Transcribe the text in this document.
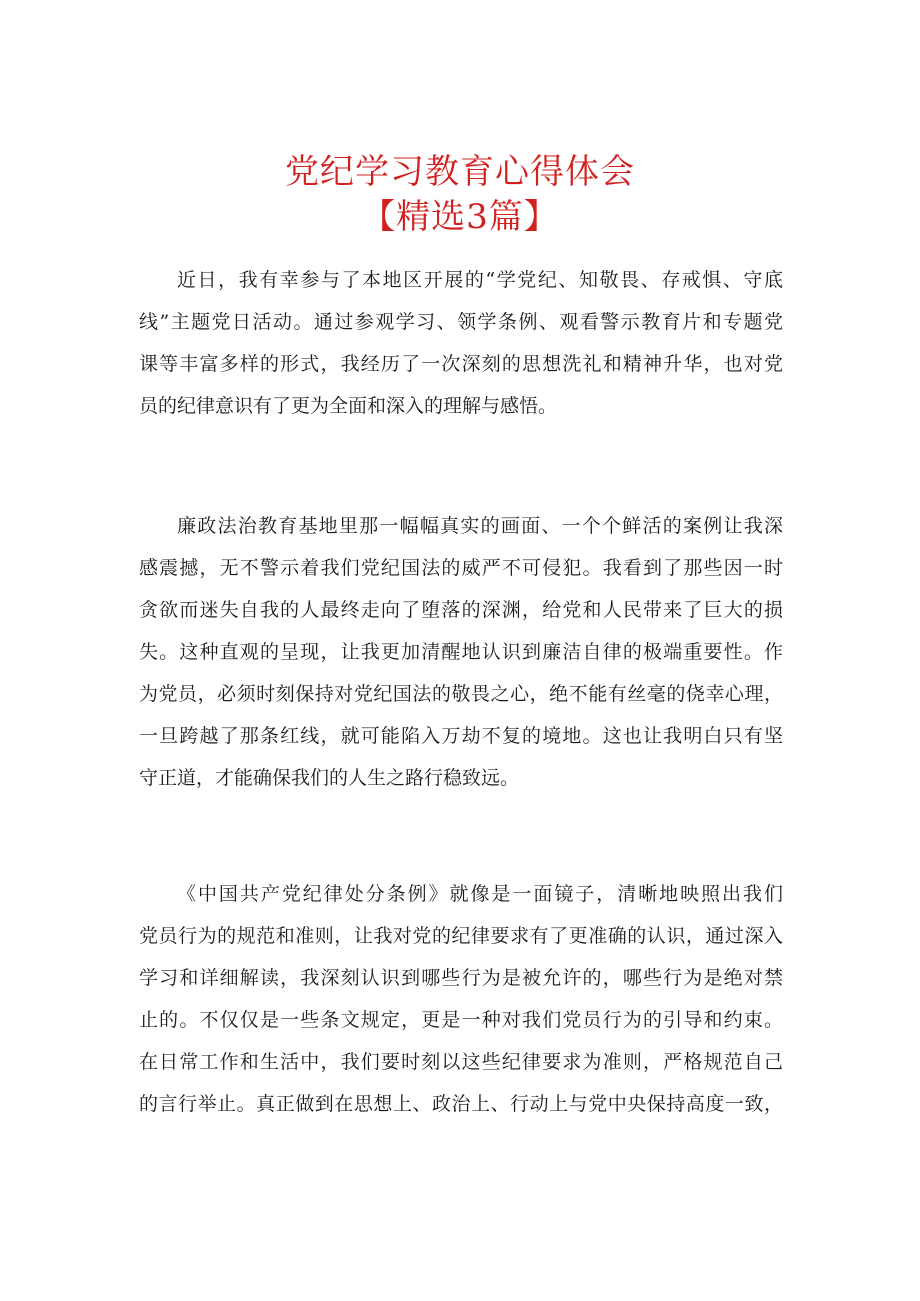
党纪学习教育心得体会
【精选3篇】
近日，我有幸参与了本地区开展的“学党纪、知敬畏、存戒惧、守底
线”主题党日活动。通过参观学习、领学条例、观看警示教育片和专题党
课等丰富多样的形式，我经历了一次深刻的思想洗礼和精神升华，也对党
员的纪律意识有了更为全面和深入的理解与感悟。
廉政法治教育基地里那一幅幅真实的画面、一个个鲜活的案例让我深
感震撼，无不警示着我们党纪国法的威严不可侵犯。我看到了那些因一时
贪欲而迷失自我的人最终走向了堕落的深渊，给党和人民带来了巨大的损
失。这种直观的呈现，让我更加清醒地认识到廉洁自律的极端重要性。作
为党员，必须时刻保持对党纪国法的敬畏之心，绝不能有丝毫的侥幸心理，
一旦跨越了那条红线，就可能陷入万劫不复的境地。这也让我明白只有坚
守正道，才能确保我们的人生之路行稳致远。
《中国共产党纪律处分条例》就像是一面镜子，清晰地映照出我们
党员行为的规范和准则，让我对党的纪律要求有了更准确的认识，通过深入
学习和详细解读，我深刻认识到哪些行为是被允许的，哪些行为是绝对禁
止的。不仅仅是一些条文规定，更是一种对我们党员行为的引导和约束。
在日常工作和生活中，我们要时刻以这些纪律要求为准则，严格规范自己
的言行举止。真正做到在思想上、政治上、行动上与党中央保持高度一致，
